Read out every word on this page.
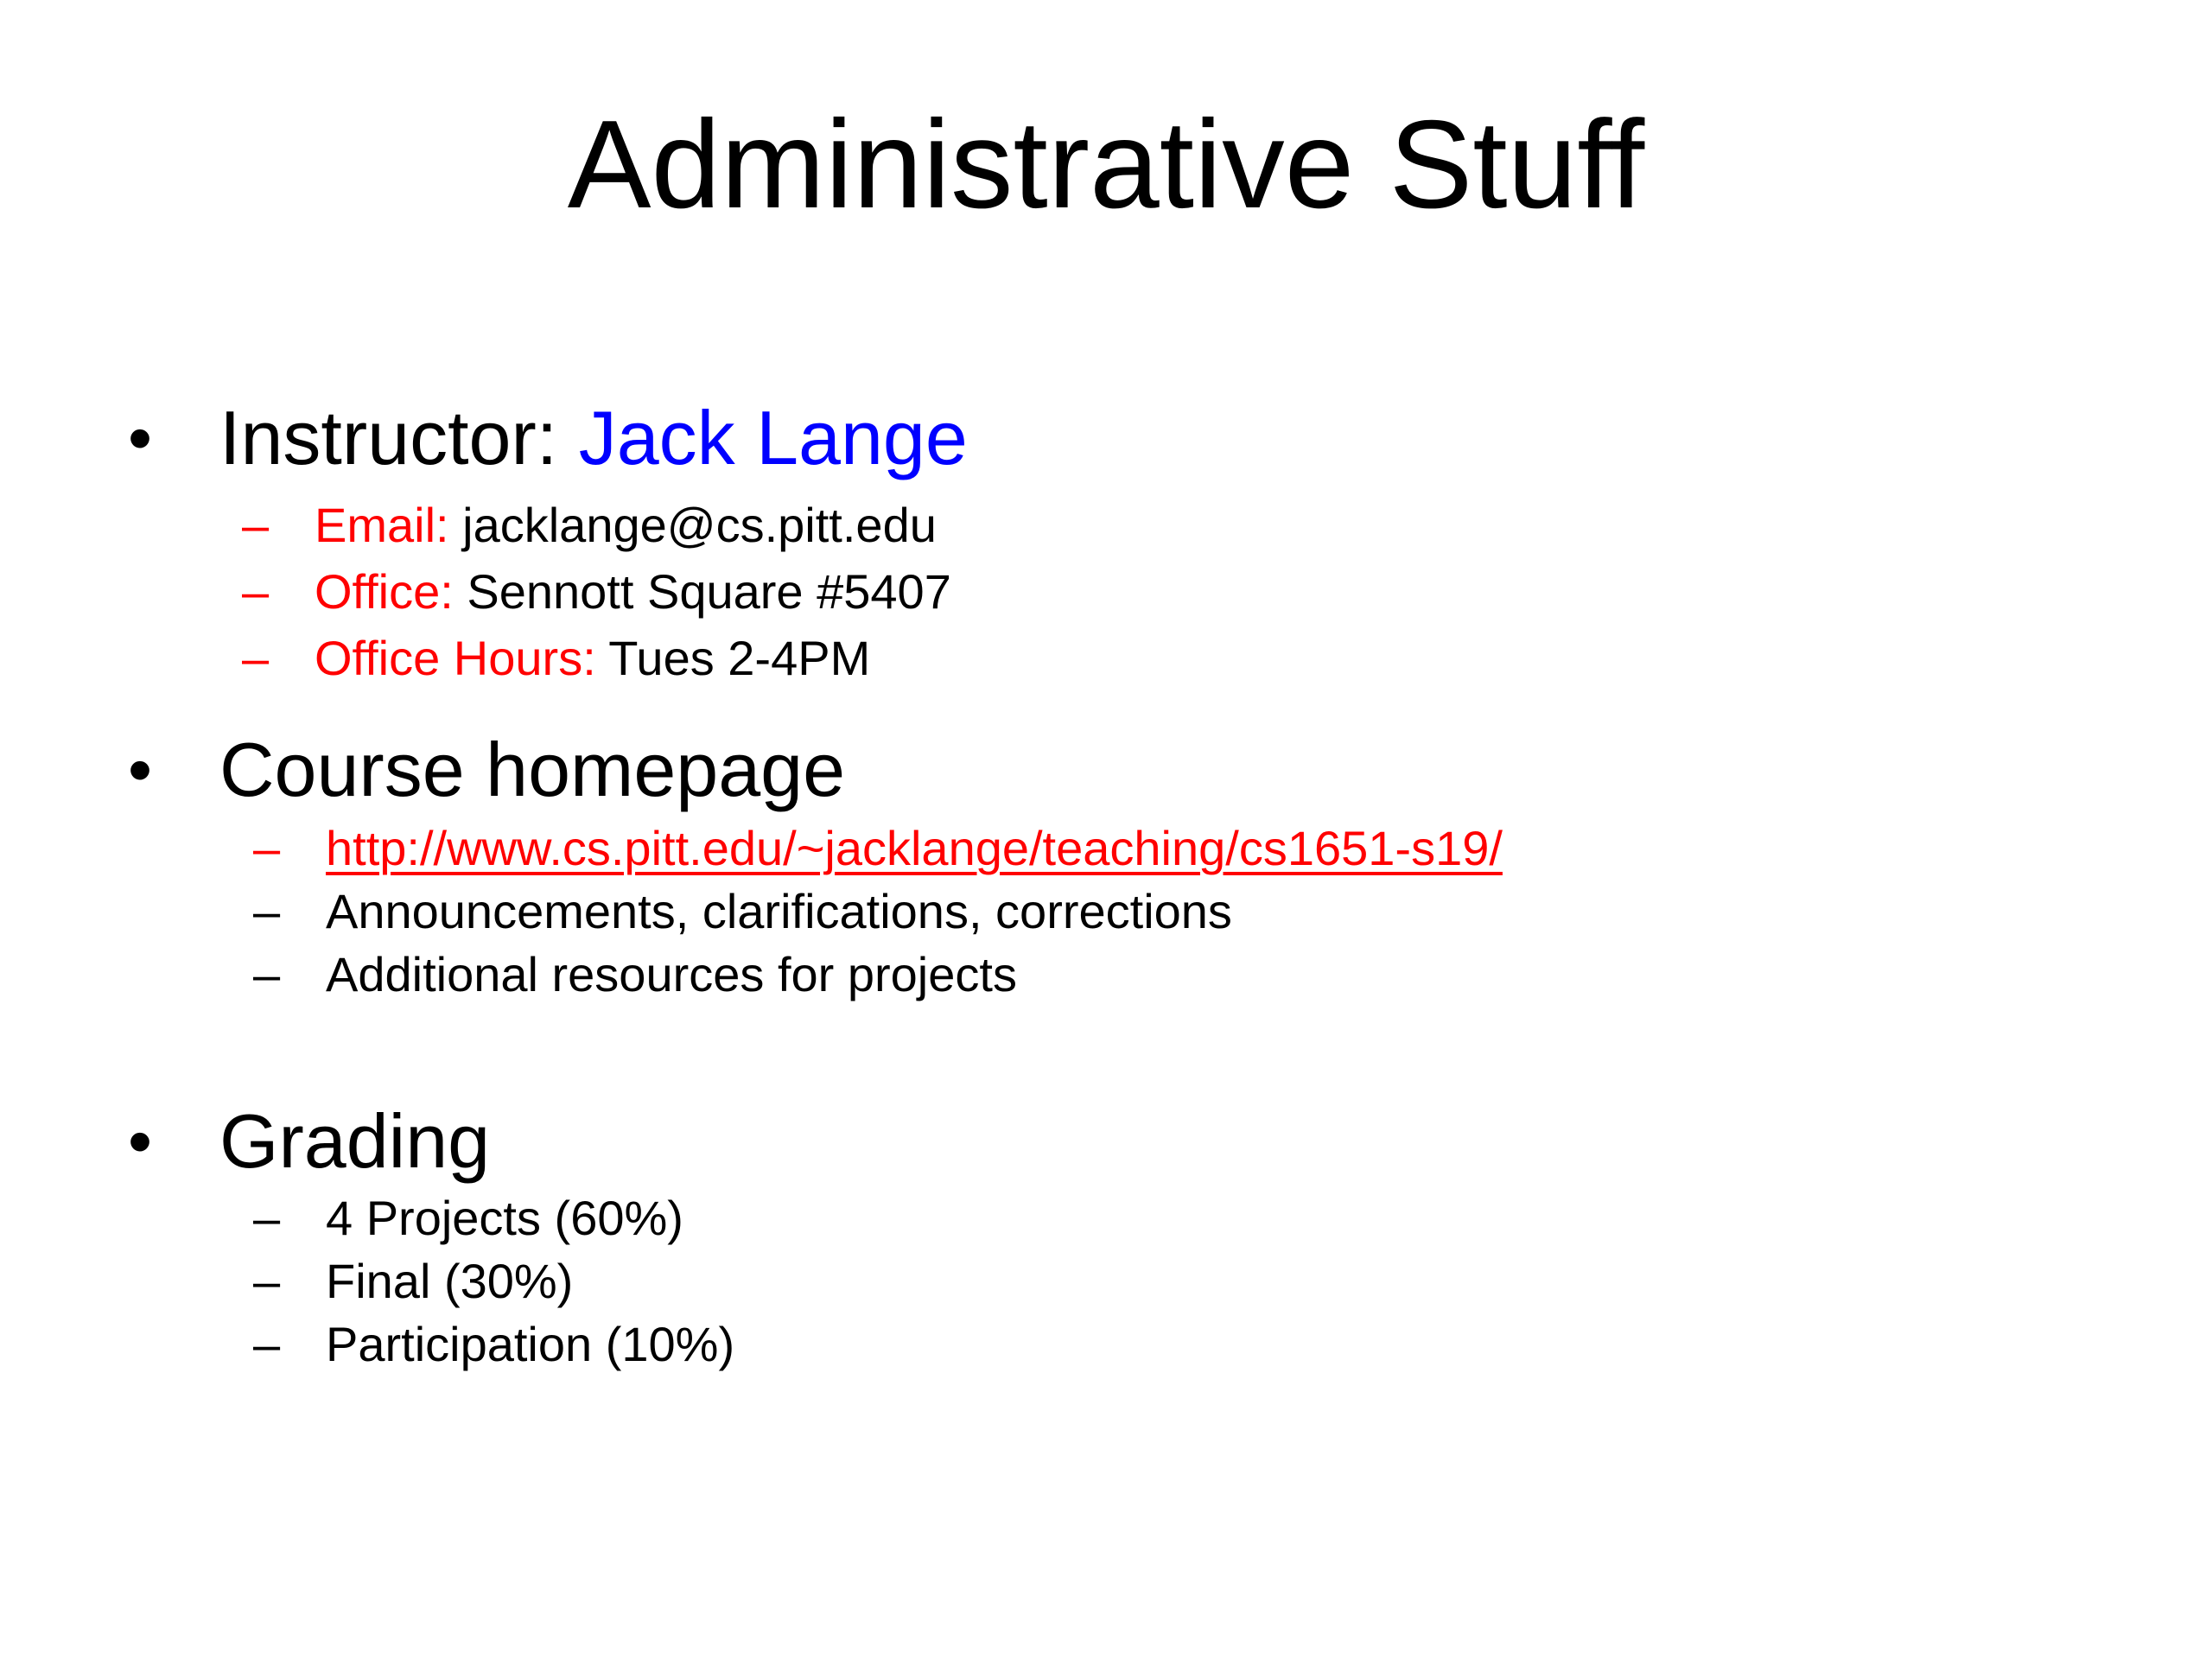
Administrative Stuff
• Instructor: Jack Lange
– Email: jacklange@cs.pitt.edu
– Office: Sennott Square #5407
– Office Hours: Tues 2-4PM
• Course homepage
– http://www.cs.pitt.edu/~jacklange/teaching/cs1651-s19/
– Announcements, clarifications, corrections
– Additional resources for projects
• Grading
– 4 Projects (60%)
– Final (30%)
– Participation (10%)
